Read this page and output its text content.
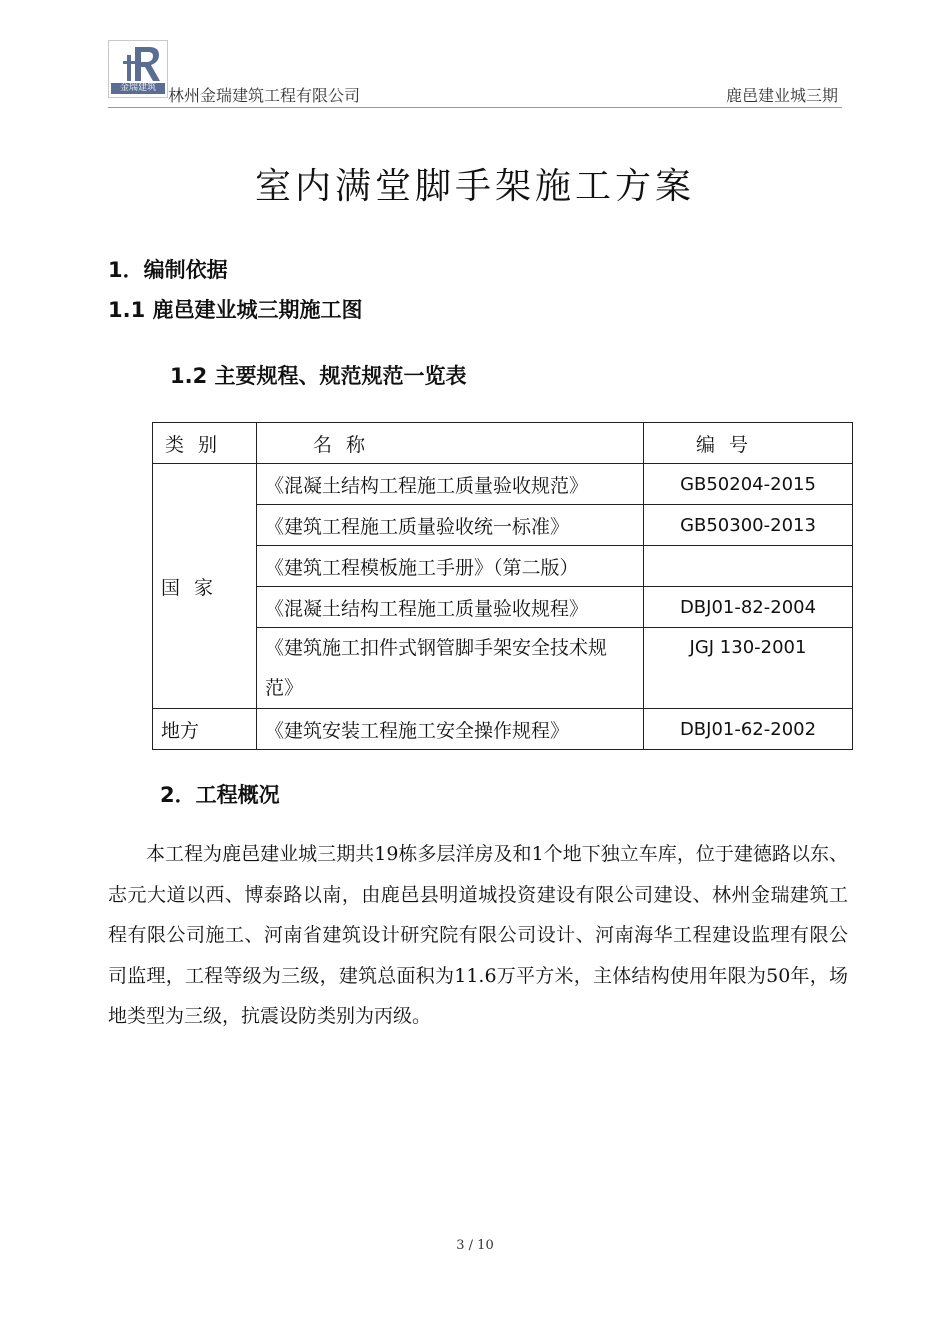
金瑞建筑 林州金瑞建筑工程有限公司	鹿邑建业城三期
室内满堂脚手架施工方案
1．编制依据
1.1 鹿邑建业城三期施工图
1.2 主要规程、规范规范一览表
类别	名称	编号
国家	《混凝土结构工程施工质量验收规范》	GB50204-2015
	《建筑工程施工质量验收统一标准》	GB50300-2013
	《建筑工程模板施工手册》（第二版）	
	《混凝土结构工程施工质量验收规程》	DBJ01-82-2004
	《建筑施工扣件式钢管脚手架安全技术规范》	JGJ 130-2001
地方	《建筑安装工程施工安全操作规程》	DBJ01-62-2002
2．工程概况
本工程为鹿邑建业城三期共19栋多层洋房及和1个地下独立车库，位于建德路以东、志元大道以西、博泰路以南，由鹿邑县明道城投资建设有限公司建设、林州金瑞建筑工程有限公司施工、河南省建筑设计研究院有限公司设计、河南海华工程建设监理有限公司监理，工程等级为三级，建筑总面积为11.6万平方米，主体结构使用年限为50年，场地类型为三级，抗震设防类别为丙级。
3 / 10
